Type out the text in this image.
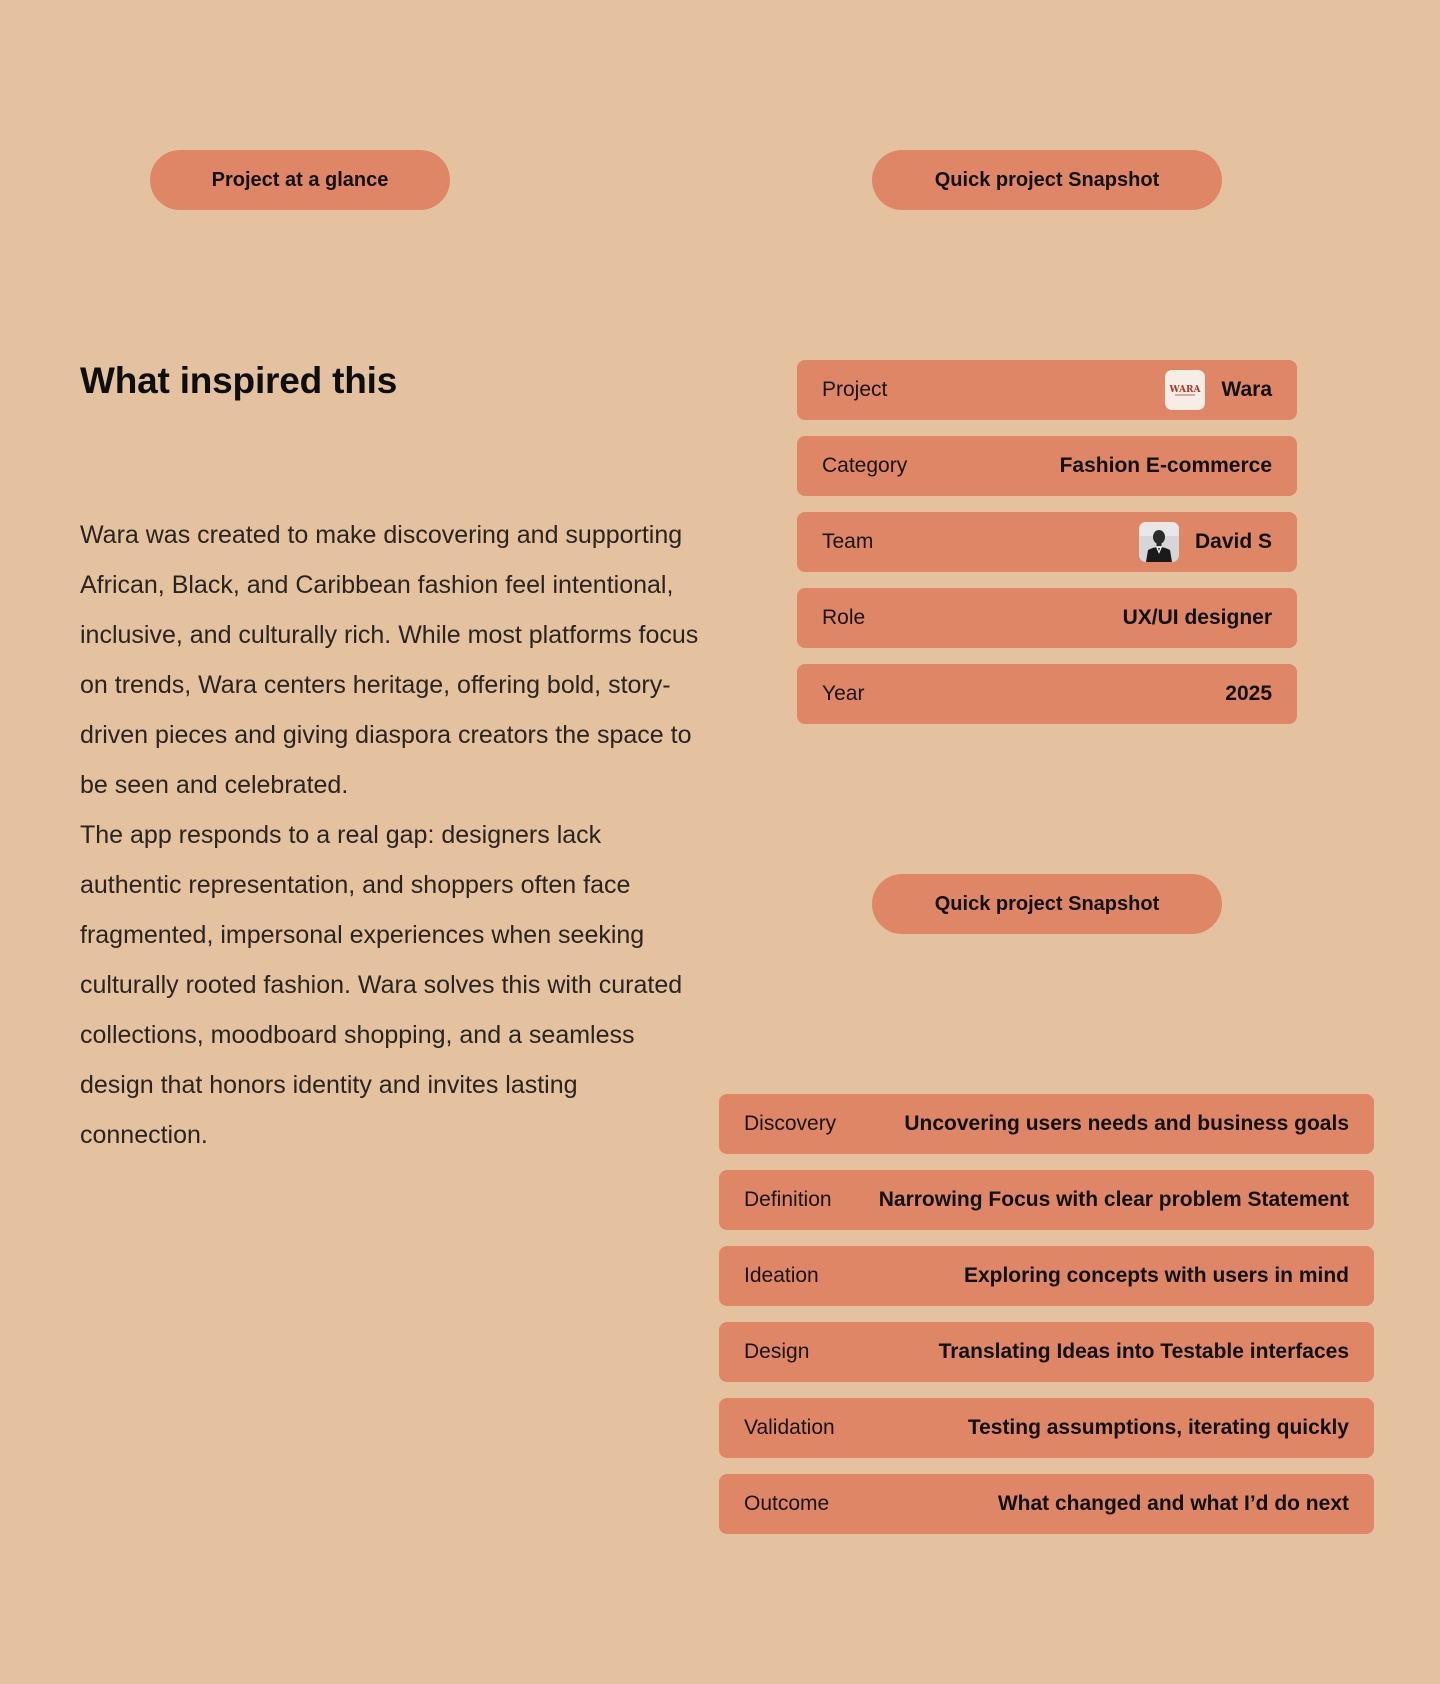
Project at a glance	Quick project Snapshot
What inspired this

Wara was created to make discovering and supporting African, Black, and Caribbean fashion feel intentional, inclusive, and culturally rich. While most platforms focus on trends, Wara centers heritage, offering bold, story-driven pieces and giving diaspora creators the space to be seen and celebrated.

The app responds to a real gap: designers lack authentic representation, and shoppers often face fragmented, impersonal experiences when seeking culturally rooted fashion. Wara solves this with curated collections, moodboard shopping, and a seamless design that honors identity and invites lasting connection.

Project	WARA Wara
Category	Fashion E-commerce
Team	David S
Role	UX/UI designer
Year	2025
Quick project Snapshot
Discovery	Uncovering users needs and business goals
Definition Narrowing Focus with clear problem Statement
Ideation	Exploring concepts with users in mind
Design	Translating Ideas into Testable interfaces
Validation	Testing assumptions, iterating quickly
Outcome	What changed and what I’d do next
